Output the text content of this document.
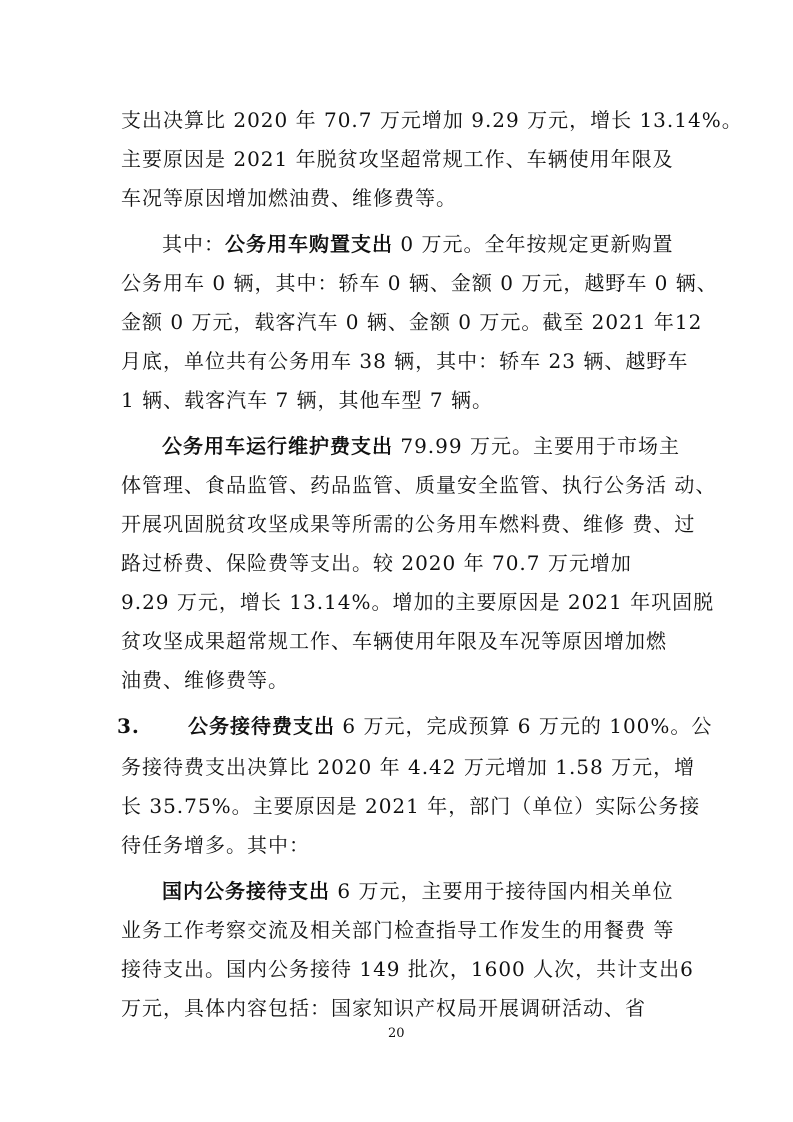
支出决算比 2020 年 70.7 万元增加 9.29 万元，增长 13.14%。
主要原因是 2021 年脱贫攻坚超常规工作、车辆使用年限及
车况等原因增加燃油费、维修费等。
其中：公务用车购置支出 0 万元。全年按规定更新购置
公务用车 0 辆，其中：轿车 0 辆、金额 0 万元，越野车 0 辆、
金额 0 万元，载客汽车 0 辆、金额 0 万元。截至 2021 年12
月底，单位共有公务用车 38 辆，其中：轿车 23 辆、越野车
1 辆、载客汽车 7 辆，其他车型 7 辆。
公务用车运行维护费支出 79.99 万元。主要用于市场主
体管理、食品监管、药品监管、质量安全监管、执行公务活 动、
开展巩固脱贫攻坚成果等所需的公务用车燃料费、维修 费、过
路过桥费、保险费等支出。较 2020 年 70.7 万元增加
9.29 万元，增长 13.14%。增加的主要原因是 2021 年巩固脱
贫攻坚成果超常规工作、车辆使用年限及车况等原因增加燃
油费、维修费等。
3. 公务接待费支出 6 万元，完成预算 6 万元的 100%。公
务接待费支出决算比 2020 年 4.42 万元增加 1.58 万元，增
长 35.75%。主要原因是 2021 年，部门（单位）实际公务接
待任务增多。其中：
国内公务接待支出 6 万元，主要用于接待国内相关单位
业务工作考察交流及相关部门检查指导工作发生的用餐费 等
接待支出。国内公务接待 149 批次，1600 人次，共计支出6
万元，具体内容包括：国家知识产权局开展调研活动、省
20
